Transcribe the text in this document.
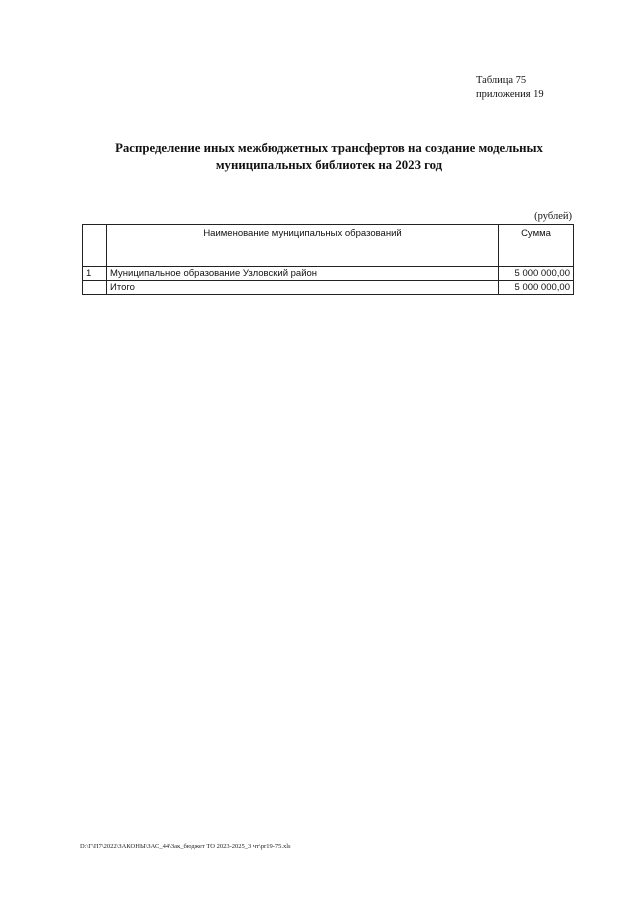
Таблица 75
приложения 19
Распределение иных межбюджетных трансфертов на создание модельных
муниципальных библиотек на 2023 год
(рублей)
	Наименование муниципальных образований	Сумма
1	Муниципальное образование Узловский район	5 000 000,00
	Итого	5 000 000,00
D:\Г\П7\2022\ЗАКОНЫ\ЗАС_44\Зак_бюджет ТО 2023-2025_3 чт\pr19-75.xls
